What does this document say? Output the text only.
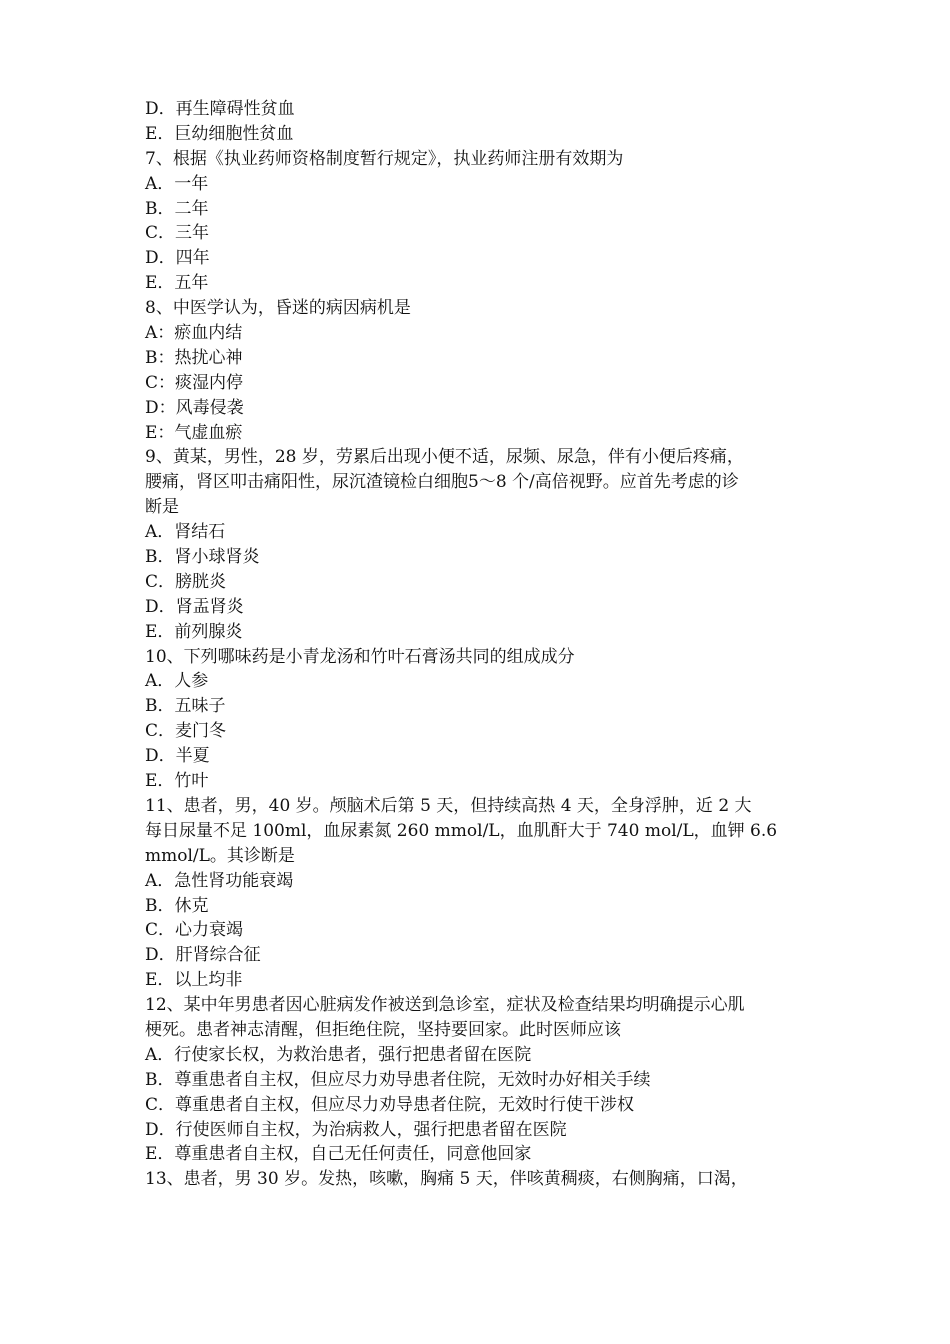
D．再生障碍性贫血
E．巨幼细胞性贫血
7、根据《执业药师资格制度暂行规定》，执业药师注册有效期为
A．一年
B．二年
C．三年
D．四年
E．五年
8、中医学认为，昏迷的病因病机是
A：瘀血内结
B：热扰心神
C：痰湿内停
D：风毒侵袭
E：气虚血瘀
9、黄某，男性，28 岁，劳累后出现小便不适，尿频、尿急，伴有小便后疼痛，
腰痛，肾区叩击痛阳性，尿沉渣镜检白细胞5～8 个/高倍视野。应首先考虑的诊
断是
A．肾结石
B．肾小球肾炎
C．膀胱炎
D．肾盂肾炎
E．前列腺炎
10、下列哪味药是小青龙汤和竹叶石膏汤共同的组成成分
A．人参
B．五味子
C．麦门冬
D．半夏
E．竹叶
11、患者，男，40 岁。颅脑术后第 5 天，但持续高热 4 天，全身浮肿，近 2 大
每日尿量不足 100ml，血尿素氮 260 mmol/L，血肌酐大于 740 mol/L，血钾 6.6
mmol/L。其诊断是
A．急性肾功能衰竭
B．休克
C．心力衰竭
D．肝肾综合征
E．以上均非
12、某中年男患者因心脏病发作被送到急诊室，症状及检查结果均明确提示心肌
梗死。患者神志清醒，但拒绝住院，坚持要回家。此时医师应该
A．行使家长权，为救治患者，强行把患者留在医院
B．尊重患者自主权，但应尽力劝导患者住院，无效时办好相关手续
C．尊重患者自主权，但应尽力劝导患者住院，无效时行使干涉权
D．行使医师自主权，为治病救人，强行把患者留在医院
E．尊重患者自主权，自己无任何责任，同意他回家
13、患者，男 30 岁。发热，咳嗽，胸痛 5 天，伴咳黄稠痰，右侧胸痛，口渴，
